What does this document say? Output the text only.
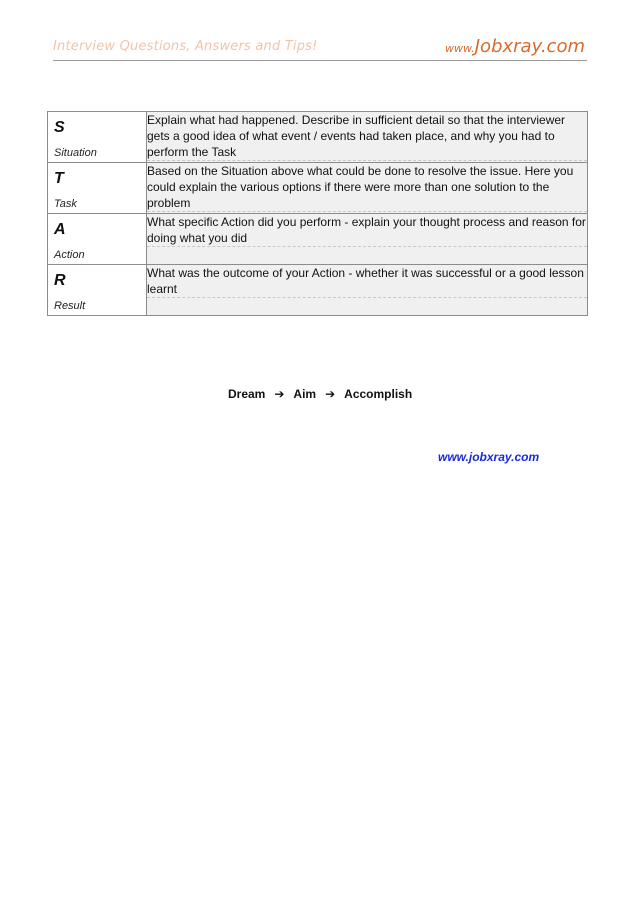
Interview Questions, Answers and Tips!	www.Jobxray.com
S
Situation	Explain what had happened. Describe in sufficient detail so that the interviewer gets a good idea of what event / events had taken place, and why you had to perform the Task

T
Task	Based on the Situation above what could be done to resolve the issue. Here you could explain the various options if there were more than one solution to the problem

A
Action	What specific Action did you perform - explain your thought process and reason for doing what you did

R
Result	What was the outcome of your Action - whether it was successful or a good lesson learnt
Dream ➔ Aim ➔ Accomplish
www.jobxray.com
